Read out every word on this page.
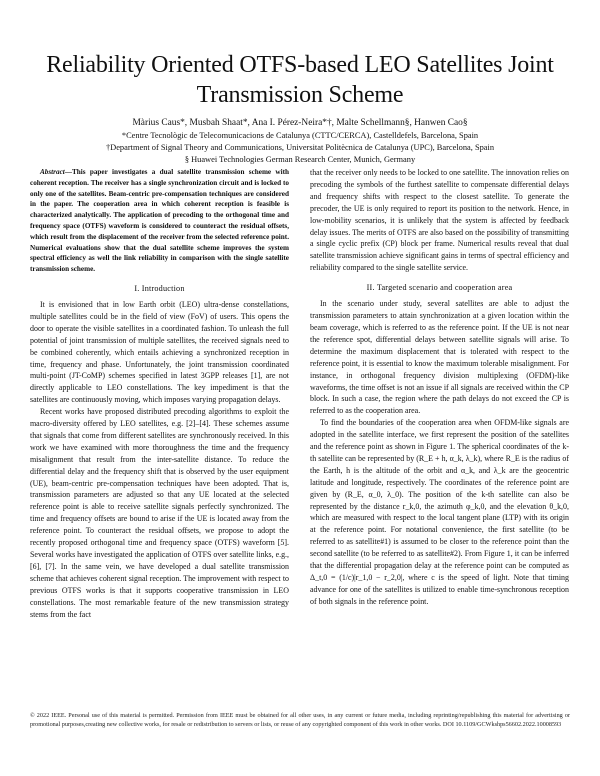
Reliability Oriented OTFS-based LEO Satellites Joint Transmission Scheme
Màrius Caus*, Musbah Shaat*, Ana I. Pérez-Neira*†, Malte Schellmann§, Hanwen Cao§
*Centre Tecnològic de Telecomunicacions de Catalunya (CTTC/CERCA), Castelldefels, Barcelona, Spain
†Department of Signal Theory and Communications, Universitat Politècnica de Catalunya (UPC), Barcelona, Spain
§ Huawei Technologies German Research Center, Munich, Germany

Abstract—This paper investigates a dual satellite transmission scheme with coherent reception. The receiver has a single synchronization circuit and is locked to only one of the satellites. Beam-centric pre-compensation techniques are considered in the paper. The cooperation area in which coherent reception is feasible is characterized analytically. The application of precoding to the orthogonal time and frequency space (OTFS) waveform is considered to counteract the residual offsets, which result from the displacement of the receiver from the selected reference point. Numerical evaluations show that the dual satellite scheme improves the system spectral efficiency as well the link reliability in comparison with the single satellite transmission scheme.

I. Introduction

It is envisioned that in low Earth orbit (LEO) ultra-dense constellations, multiple satellites could be in the field of view (FoV) of users. This opens the door to operate the visible satellites in a coordinated fashion. To unleash the full potential of joint transmission of multiple satellites, the received signals need to be combined coherently, which entails achieving a synchronized reception in time, frequency and phase. Unfortunately, the joint transmission coordinated multi-point (JT-CoMP) schemes specified in latest 3GPP releases [1], are not directly applicable to LEO constellations. The key impediment is that the satellites are continuously moving, which imposes varying propagation delays.

Recent works have proposed distributed precoding algorithms to exploit the macro-diversity offered by LEO satellites, e.g. [2]–[4]. These schemes assume that signals that come from different satellites are synchronously received. In this work we have examined with more thoroughness the time and the frequency misalignment that result from the inter-satellite distance. To reduce the differential delay and the frequency shift that is observed by the user equipment (UE), beam-centric pre-compensation techniques have been adopted. That is, transmission parameters are adjusted so that any UE located at the selected reference point is able to receive satellite signals perfectly synchronized. The time and frequency offsets are bound to arise if the UE is located away from the reference point. To counteract the residual offsets, we propose to adopt the recently proposed orthogonal time and frequency space (OTFS) waveform [5]. Several works have investigated the application of OTFS over satellite links, e.g., [6], [7]. In the same vein, we have developed a dual satellite transmission scheme that achieves coherent signal reception. The improvement with respect to previous OTFS works is that it supports cooperative transmission in LEO constellations. The most remarkable feature of the new transmission strategy stems from the fact

that the receiver only needs to be locked to one satellite. The innovation relies on precoding the symbols of the furthest satellite to compensate differential delays and frequency shifts with respect to the closest satellite. To generate the precoder, the UE is only required to report its position to the network. Hence, in low-mobility scenarios, it is unlikely that the system is affected by feedback delay issues. The merits of OTFS are also based on the possibility of transmitting a single cyclic prefix (CP) block per frame. Numerical results reveal that dual satellite transmission achieve significant gains in terms of spectral efficiency and reliability compared to the single satellite service.

II. Targeted scenario and cooperation area

In the scenario under study, several satellites are able to adjust the transmission parameters to attain synchronization at a given location within the beam coverage, which is referred to as the reference point. If the UE is not near the reference spot, differential delays between satellite signals will arise. To determine the maximum displacement that is tolerated with respect to the reference point, it is essential to know the maximum tolerable misalignment. For instance, in orthogonal frequency division multiplexing (OFDM)-like waveforms, the time offset is not an issue if all signals are received within the CP block. In such a case, the region where the path delays do not exceed the CP is referred to as the cooperation area.

To find the boundaries of the cooperation area when OFDM-like signals are adopted in the satellite interface, we first represent the position of the satellites and the reference point as shown in Figure 1. The spherical coordinates of the k-th satellite can be represented by (R_E + h, α_k, λ_k), where R_E is the radius of the Earth, h is the altitude of the orbit and α_k, and λ_k are the geocentric latitude and longitude, respectively. The coordinates of the reference point are given by (R_E, α_0, λ_0). The position of the k-th satellite can also be represented by the distance r_k,0, the azimuth φ_k,0, and the elevation θ_k,0, which are measured with respect to the local tangent plane (LTP) with its origin at the reference point. For notational convenience, the first satellite (to be referred to as satellite#1) is assumed to be closer to the reference point than the second satellite (to be referred to as satellite#2). From Figure 1, it can be inferred that the differential propagation delay at the reference point can be computed as Δ_t,0 = (1/c)|r_1,0 − r_2,0|, where c is the speed of light. Note that timing advance for one of the satellites is utilized to enable time-synchronous reception of both signals in the reference point.

© 2022 IEEE. Personal use of this material is permitted. Permission from IEEE must be obtained for all other uses, in any current or future media, including reprinting/republishing this material for advertising or promotional purposes,creating new collective works, for resale or redistribution to servers or lists, or reuse of any copyrighted component of this work in other works. DOI 10.1109/GCWkshps56602.2022.10008593
